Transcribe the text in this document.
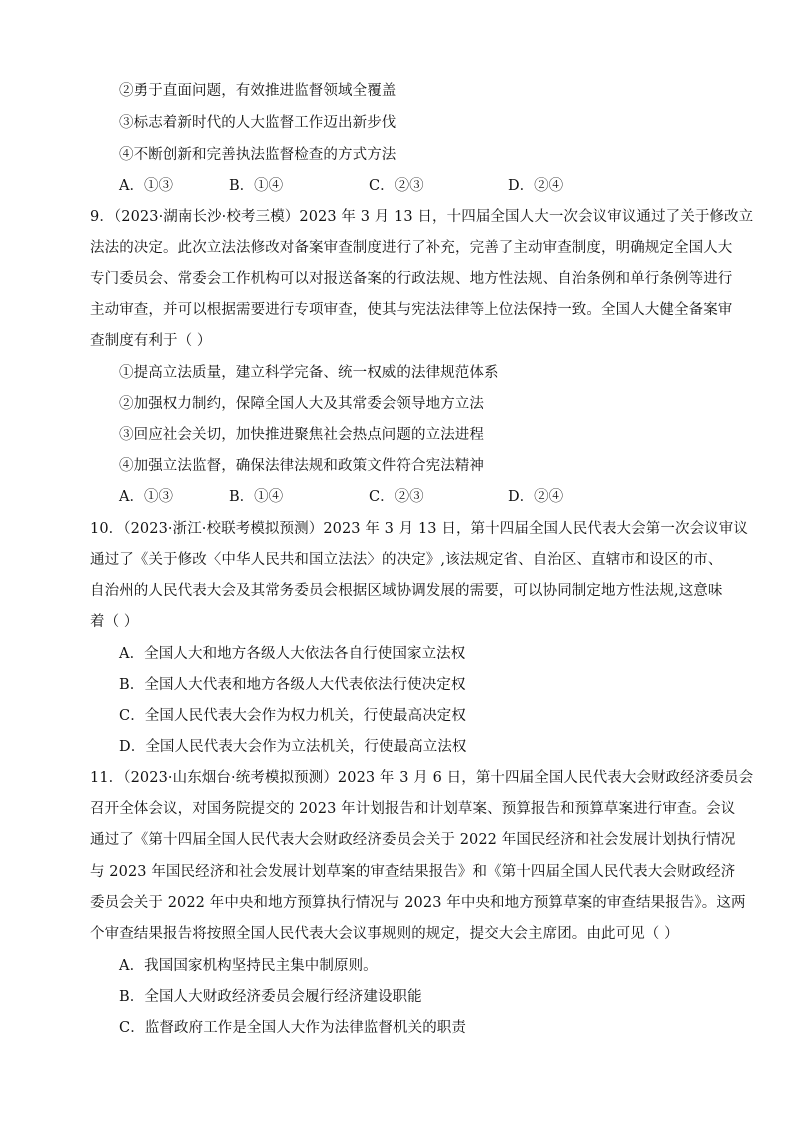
②勇于直面问题，有效推进监督领域全覆盖
③标志着新时代的人大监督工作迈出新步伐
④不断创新和完善执法监督检查的方式方法
A．①③	B．①④	C．②③	D．②④
9．（2023·湖南长沙·校考三模）2023 年 3 月 13 日，十四届全国人大一次会议审议通过了关于修改立
法法的决定。此次立法法修改对备案审查制度进行了补充，完善了主动审查制度，明确规定全国人大
专门委员会、常委会工作机构可以对报送备案的行政法规、地方性法规、自治条例和单行条例等进行
主动审查，并可以根据需要进行专项审查，使其与宪法法律等上位法保持一致。全国人大健全备案审
查制度有利于（ ）
①提高立法质量，建立科学完备、统一权威的法律规范体系
②加强权力制约，保障全国人大及其常委会领导地方立法
③回应社会关切，加快推进聚焦社会热点问题的立法进程
④加强立法监督，确保法律法规和政策文件符合宪法精神
A．①③	B．①④	C．②③	D．②④
10．（2023·浙江·校联考模拟预测）2023 年 3 月 13 日，第十四届全国人民代表大会第一次会议审议
通过了《关于修改〈中华人民共和国立法法〉的决定》,该法规定省、自治区、直辖市和设区的市、
自治州的人民代表大会及其常务委员会根据区域协调发展的需要，可以协同制定地方性法规,这意味
着（ ）
A．全国人大和地方各级人大依法各自行使国家立法权
B．全国人大代表和地方各级人大代表依法行使决定权
C．全国人民代表大会作为权力机关，行使最高决定权
D．全国人民代表大会作为立法机关，行使最高立法权
11．（2023·山东烟台·统考模拟预测）2023 年 3 月 6 日，第十四届全国人民代表大会财政经济委员会
召开全体会议，对国务院提交的 2023 年计划报告和计划草案、预算报告和预算草案进行审查。会议
通过了《第十四届全国人民代表大会财政经济委员会关于 2022 年国民经济和社会发展计划执行情况
与 2023 年国民经济和社会发展计划草案的审查结果报告》和《第十四届全国人民代表大会财政经济
委员会关于 2022 年中央和地方预算执行情况与 2023 年中央和地方预算草案的审查结果报告》。这两
个审查结果报告将按照全国人民代表大会议事规则的规定，提交大会主席团。由此可见（ ）
A．我国国家机构坚持民主集中制原则。
B．全国人大财政经济委员会履行经济建设职能
C．监督政府工作是全国人大作为法律监督机关的职责
